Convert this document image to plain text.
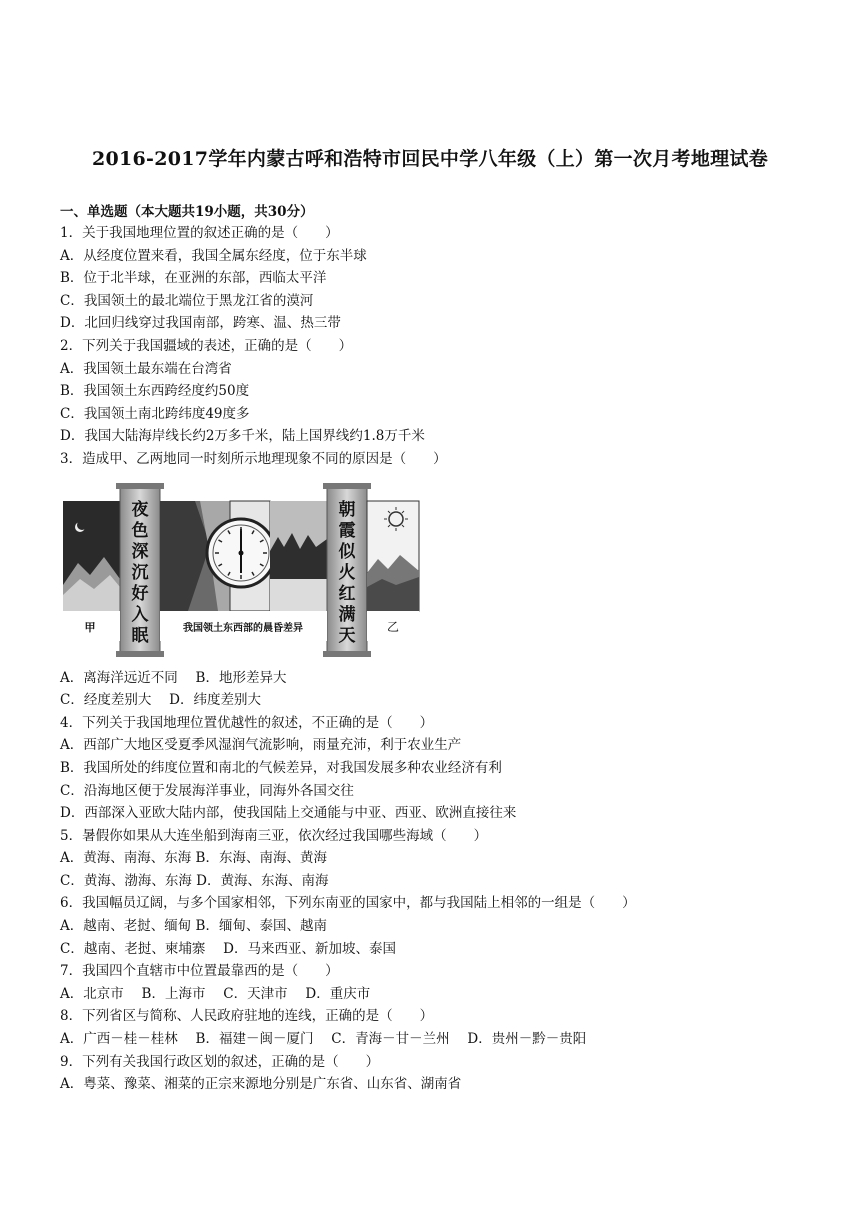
2016-2017学年内蒙古呼和浩特市回民中学八年级（上）第一次月考地理试卷
一、单选题（本大题共19小题，共30分）
1．关于我国地理位置的叙述正确的是（　　）
A．从经度位置来看，我国全属东经度，位于东半球
B．位于北半球，在亚洲的东部，西临太平洋
C．我国领土的最北端位于黑龙江省的漠河
D．北回归线穿过我国南部，跨寒、温、热三带
2．下列关于我国疆域的表述，正确的是（　　）
A．我国领土最东端在台湾省
B．我国领土东西跨经度约50度
C．我国领土南北跨纬度49度多
D．我国大陆海岸线长约2万多千米，陆上国界线约1.8万千米
3．造成甲、乙两地同一时刻所示地理现象不同的原因是（　　）
夜色深沉好入眠
朝霞似火红满天
我国领土东西部的晨昏差异
甲	乙
A．离海洋远近不同　 B．地形差异大
C．经度差别大　 D．纬度差别大
4．下列关于我国地理位置优越性的叙述，不正确的是（　　）
A．西部广大地区受夏季风湿润气流影响，雨量充沛，利于农业生产
B．我国所处的纬度位置和南北的气候差异，对我国发展多种农业经济有利
C．沿海地区便于发展海洋事业，同海外各国交往
D．西部深入亚欧大陆内部，使我国陆上交通能与中亚、西亚、欧洲直接往来
5．暑假你如果从大连坐船到海南三亚，依次经过我国哪些海域（　　）
A．黄海、南海、东海 B．东海、南海、黄海
C．黄海、渤海、东海 D．黄海、东海、南海
6．我国幅员辽阔，与多个国家相邻，下列东南亚的国家中，都与我国陆上相邻的一组是（　　）
A．越南、老挝、缅甸 B．缅甸、泰国、越南
C．越南、老挝、柬埔寨　 D．马来西亚、新加坡、泰国
7．我国四个直辖市中位置最靠西的是（　　）
A．北京市　 B．上海市　 C．天津市　 D．重庆市
8．下列省区与简称、人民政府驻地的连线，正确的是（　　）
A．广西－桂－桂林　 B．福建－闽－厦门　 C．青海－甘－兰州　 D．贵州－黔－贵阳
9．下列有关我国行政区划的叙述，正确的是（　　）
A．粤菜、豫菜、湘菜的正宗来源地分别是广东省、山东省、湖南省
